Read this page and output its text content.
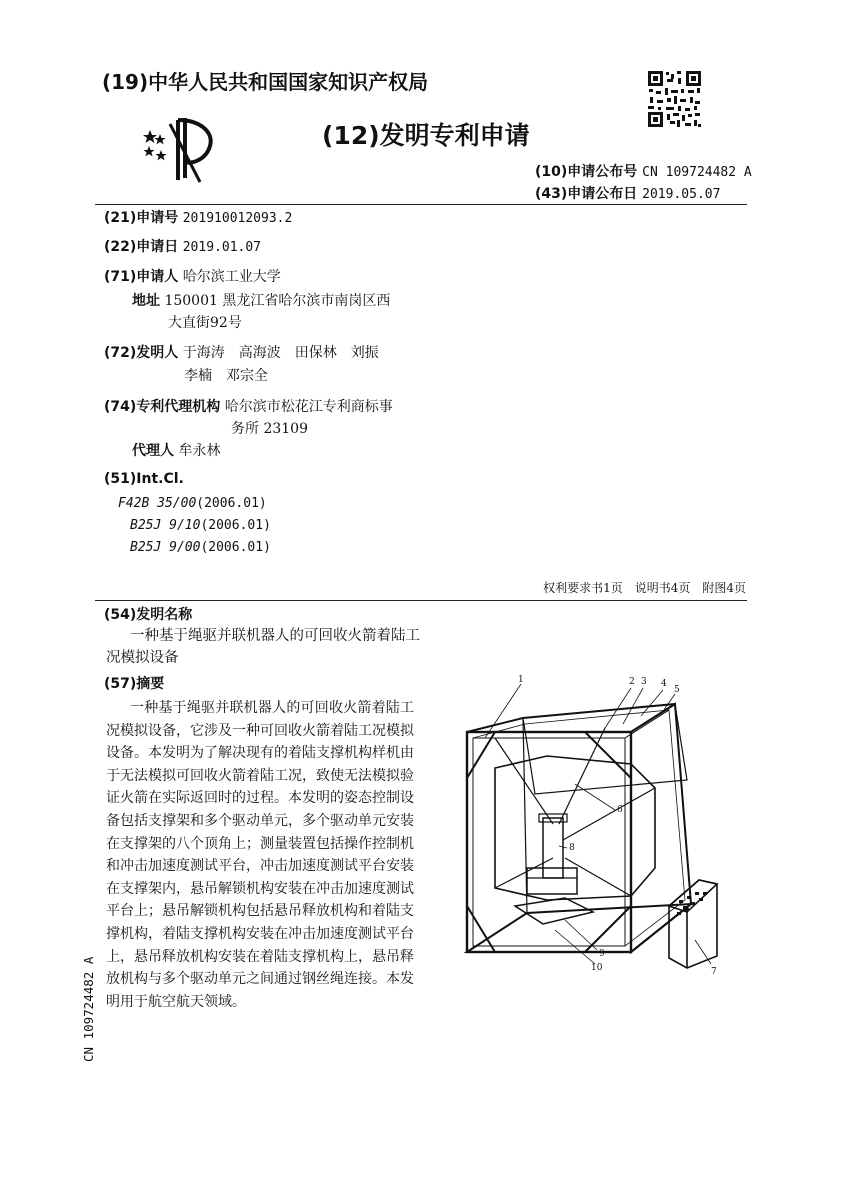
(19)中华人民共和国国家知识产权局
(12)发明专利申请
(10)申请公布号 CN 109724482 A
(43)申请公布日 2019.05.07
(21)申请号 201910012093.2
(22)申请日 2019.01.07
(71)申请人 哈尔滨工业大学
地址 150001 黑龙江省哈尔滨市南岗区西
大直街92号
(72)发明人 于海涛　高海波　田保林　刘振
李楠　邓宗全
(74)专利代理机构 哈尔滨市松花江专利商标事
务所 23109
代理人 牟永林
(51)Int.Cl.
F42B 35/00(2006.01)
B25J 9/10(2006.01)
B25J 9/00(2006.01)
权利要求书1页　说明书4页　附图4页
(54)发明名称
一种基于绳驱并联机器人的可回收火箭着陆工况模拟设备
(57)摘要
一种基于绳驱并联机器人的可回收火箭着陆工况模拟设备，它涉及一种可回收火箭着陆工况模拟设备。本发明为了解决现有的着陆支撑机构样机由于无法模拟可回收火箭着陆工况，致使无法模拟验证火箭在实际返回时的过程。本发明的姿态控制设备包括支撑架和多个驱动单元，多个驱动单元安装在支撑架的八个顶角上；测量装置包括操作控制机和冲击加速度测试平台，冲击加速度测试平台安装在支撑架内，悬吊解锁机构安装在冲击加速度测试平台上；悬吊解锁机构包括悬吊释放机构和着陆支撑机构，着陆支撑机构安装在冲击加速度测试平台上，悬吊释放机构安装在着陆支撑机构上，悬吊释放机构与多个驱动单元之间通过钢丝绳连接。本发明用于航空航天领域。
CN 109724482 A
1	2 3 4
5
6
7
8
9
10
